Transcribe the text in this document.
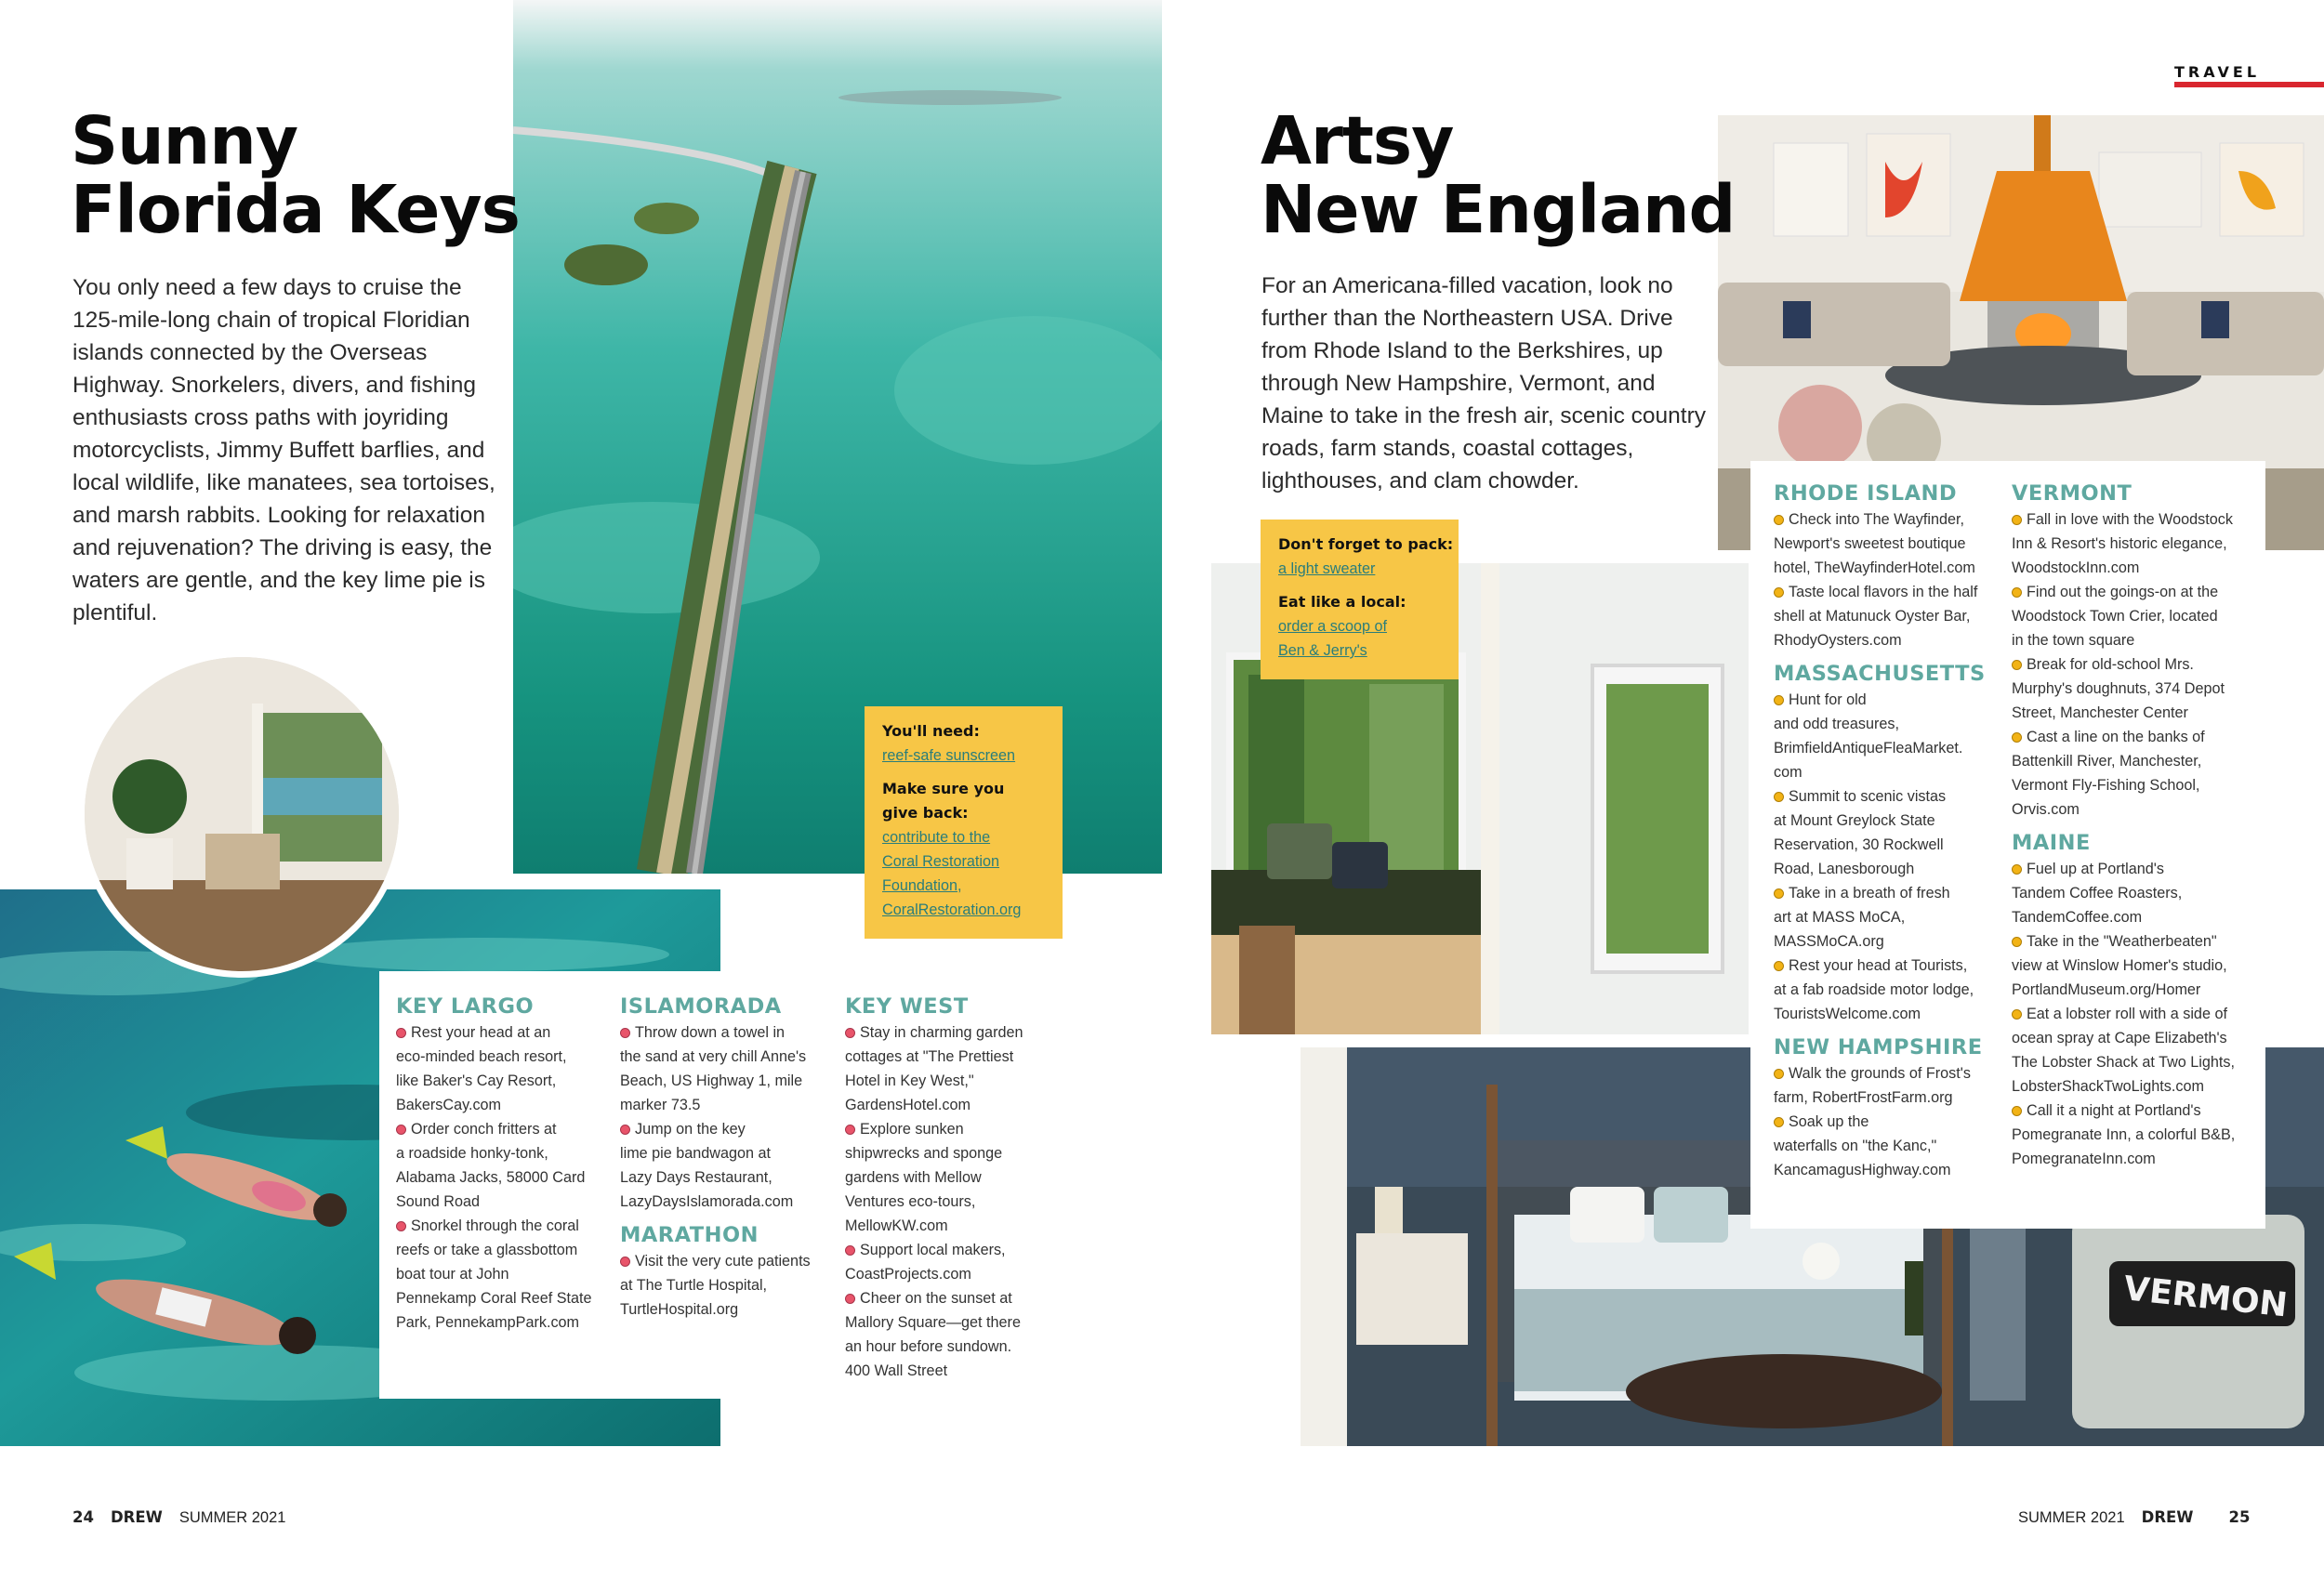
Sunny
Florida Keys
You only need a few days to cruise the
125-mile-long chain of tropical Floridian
islands connected by the Overseas
Highway. Snorkelers, divers, and fishing
enthusiasts cross paths with joyriding
motorcyclists, Jimmy Buffett barflies, and
local wildlife, like manatees, sea tortoises,
and marsh rabbits. Looking for relaxation
and rejuvenation? The driving is easy, the
waters are gentle, and the key lime pie is
plentiful.
You'll need:
reef-safe sunscreen
Make sure you
give back:
contribute to the
Coral Restoration
Foundation,
CoralRestoration.org
KEY LARGO
Rest your head at an
eco-minded beach resort,
like Baker's Cay Resort,
BakersCay.com
Order conch fritters at
a roadside honky-tonk,
Alabama Jacks, 58000 Card
Sound Road
Snorkel through the coral
reefs or take a glassbottom
boat tour at John
Pennekamp Coral Reef State
Park, PennekampPark.com
ISLAMORADA
Throw down a towel in
the sand at very chill Anne's
Beach, US Highway 1, mile
marker 73.5
Jump on the key
lime pie bandwagon at
Lazy Days Restaurant,
LazyDaysIslamorada.com
MARATHON
Visit the very cute patients
at The Turtle Hospital,
TurtleHospital.org
KEY WEST
Stay in charming garden
cottages at "The Prettiest
Hotel in Key West,"
GardensHotel.com
Explore sunken
shipwrecks and sponge
gardens with Mellow
Ventures eco-tours,
MellowKW.com
Support local makers,
CoastProjects.com
Cheer on the sunset at
Mallory Square—get there
an hour before sundown.
400 Wall Street
24 DREW SUMMER 2021
TRAVEL
VERMON
Artsy
New England
For an Americana-filled vacation, look no
further than the Northeastern USA. Drive
from Rhode Island to the Berkshires, up
through New Hampshire, Vermont, and
Maine to take in the fresh air, scenic country
roads, farm stands, coastal cottages,
lighthouses, and clam chowder.
Don't forget to pack:
a light sweater
Eat like a local:
order a scoop of
Ben & Jerry's
RHODE ISLAND
Check into The Wayfinder,
Newport's sweetest boutique
hotel, TheWayfinderHotel.com
Taste local flavors in the half
shell at Matunuck Oyster Bar,
RhodyOysters.com
MASSACHUSETTS
Hunt for old
and odd treasures,
BrimfieldAntiqueFleaMarket.
com
Summit to scenic vistas
at Mount Greylock State
Reservation, 30 Rockwell
Road, Lanesborough
Take in a breath of fresh
art at MASS MoCA,
MASSMoCA.org
Rest your head at Tourists,
at a fab roadside motor lodge,
TouristsWelcome.com
NEW HAMPSHIRE
Walk the grounds of Frost's
farm, RobertFrostFarm.org
Soak up the
waterfalls on "the Kanc,"
KancamagusHighway.com
VERMONT
Fall in love with the Woodstock
Inn & Resort's historic elegance,
WoodstockInn.com
Find out the goings-on at the
Woodstock Town Crier, located
in the town square
Break for old-school Mrs.
Murphy's doughnuts, 374 Depot
Street, Manchester Center
Cast a line on the banks of
Battenkill River, Manchester,
Vermont Fly-Fishing School,
Orvis.com
MAINE
Fuel up at Portland's
Tandem Coffee Roasters,
TandemCoffee.com
Take in the "Weatherbeaten"
view at Winslow Homer's studio,
PortlandMuseum.org/Homer
Eat a lobster roll with a side of
ocean spray at Cape Elizabeth's
The Lobster Shack at Two Lights,
LobsterShackTwoLights.com
Call it a night at Portland's
Pomegranate Inn, a colorful B&B,
PomegranateInn.com
SUMMER 2021 DREW 25
